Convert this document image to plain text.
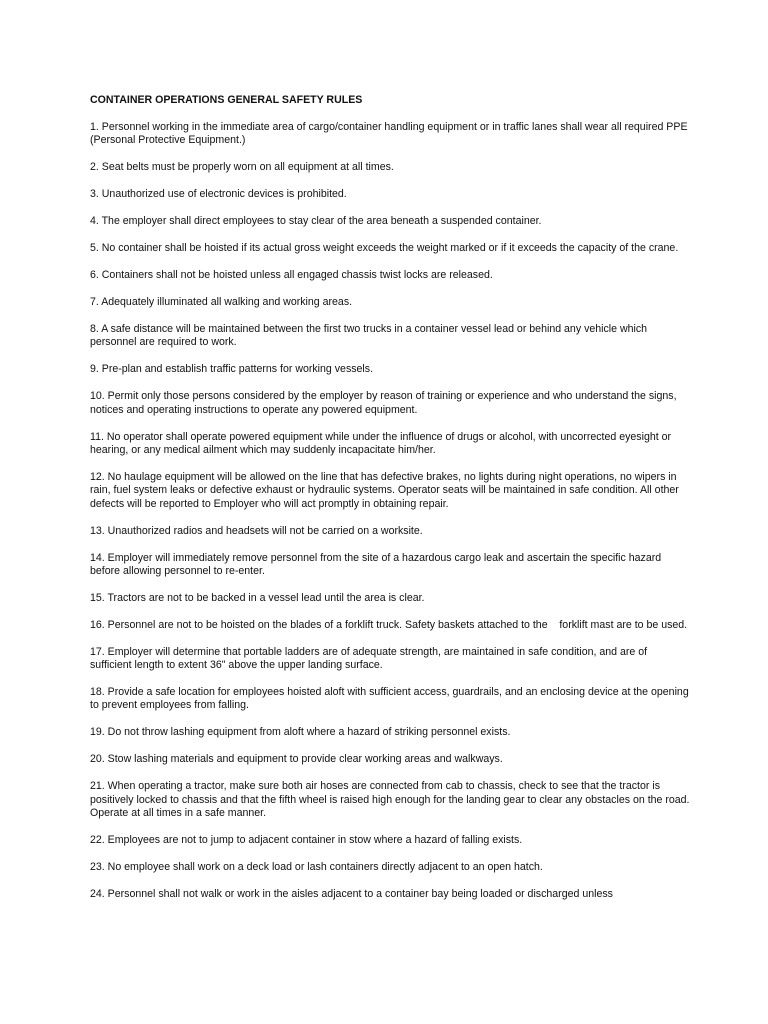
CONTAINER OPERATIONS GENERAL SAFETY RULES
1. Personnel working in the immediate area of cargo/container handling equipment or in traffic lanes shall wear all required PPE (Personal Protective Equipment.)
2. Seat belts must be properly worn on all equipment at all times.
3. Unauthorized use of electronic devices is prohibited.
4. The employer shall direct employees to stay clear of the area beneath a suspended container.
5. No container shall be hoisted if its actual gross weight exceeds the weight marked or if it exceeds the capacity of the crane.
6. Containers shall not be hoisted unless all engaged chassis twist locks are released.
7. Adequately illuminated all walking and working areas.
8. A safe distance will be maintained between the first two trucks in a container vessel lead or behind any vehicle which personnel are required to work.
9. Pre-plan and establish traffic patterns for working vessels.
10. Permit only those persons considered by the employer by reason of training or experience and who understand the signs, notices and operating instructions to operate any powered equipment.
11. No operator shall operate powered equipment while under the influence of drugs or alcohol, with uncorrected eyesight or hearing, or any medical ailment which may suddenly incapacitate him/her.
12. No haulage equipment will be allowed on the line that has defective brakes, no lights during night operations, no wipers in rain, fuel system leaks or defective exhaust or hydraulic systems. Operator seats will be maintained in safe condition. All other defects will be reported to Employer who will act promptly in obtaining repair.
13. Unauthorized radios and headsets will not be carried on a worksite.
14. Employer will immediately remove personnel from the site of a hazardous cargo leak and ascertain the specific hazard before allowing personnel to re-enter.
15. Tractors are not to be backed in a vessel lead until the area is clear.
16. Personnel are not to be hoisted on the blades of a forklift truck. Safety baskets attached to the    forklift mast are to be used.
17. Employer will determine that portable ladders are of adequate strength, are maintained in safe condition, and are of sufficient length to extent 36" above the upper landing surface.
18. Provide a safe location for employees hoisted aloft with sufficient access, guardrails, and an enclosing device at the opening to prevent employees from falling.
19. Do not throw lashing equipment from aloft where a hazard of striking personnel exists.
20. Stow lashing materials and equipment to provide clear working areas and walkways.
21. When operating a tractor, make sure both air hoses are connected from cab to chassis, check to see that the tractor is positively locked to chassis and that the fifth wheel is raised high enough for the landing gear to clear any obstacles on the road. Operate at all times in a safe manner.
22. Employees are not to jump to adjacent container in stow where a hazard of falling exists.
23. No employee shall work on a deck load or lash containers directly adjacent to an open hatch.
24. Personnel shall not walk or work in the aisles adjacent to a container bay being loaded or discharged unless
